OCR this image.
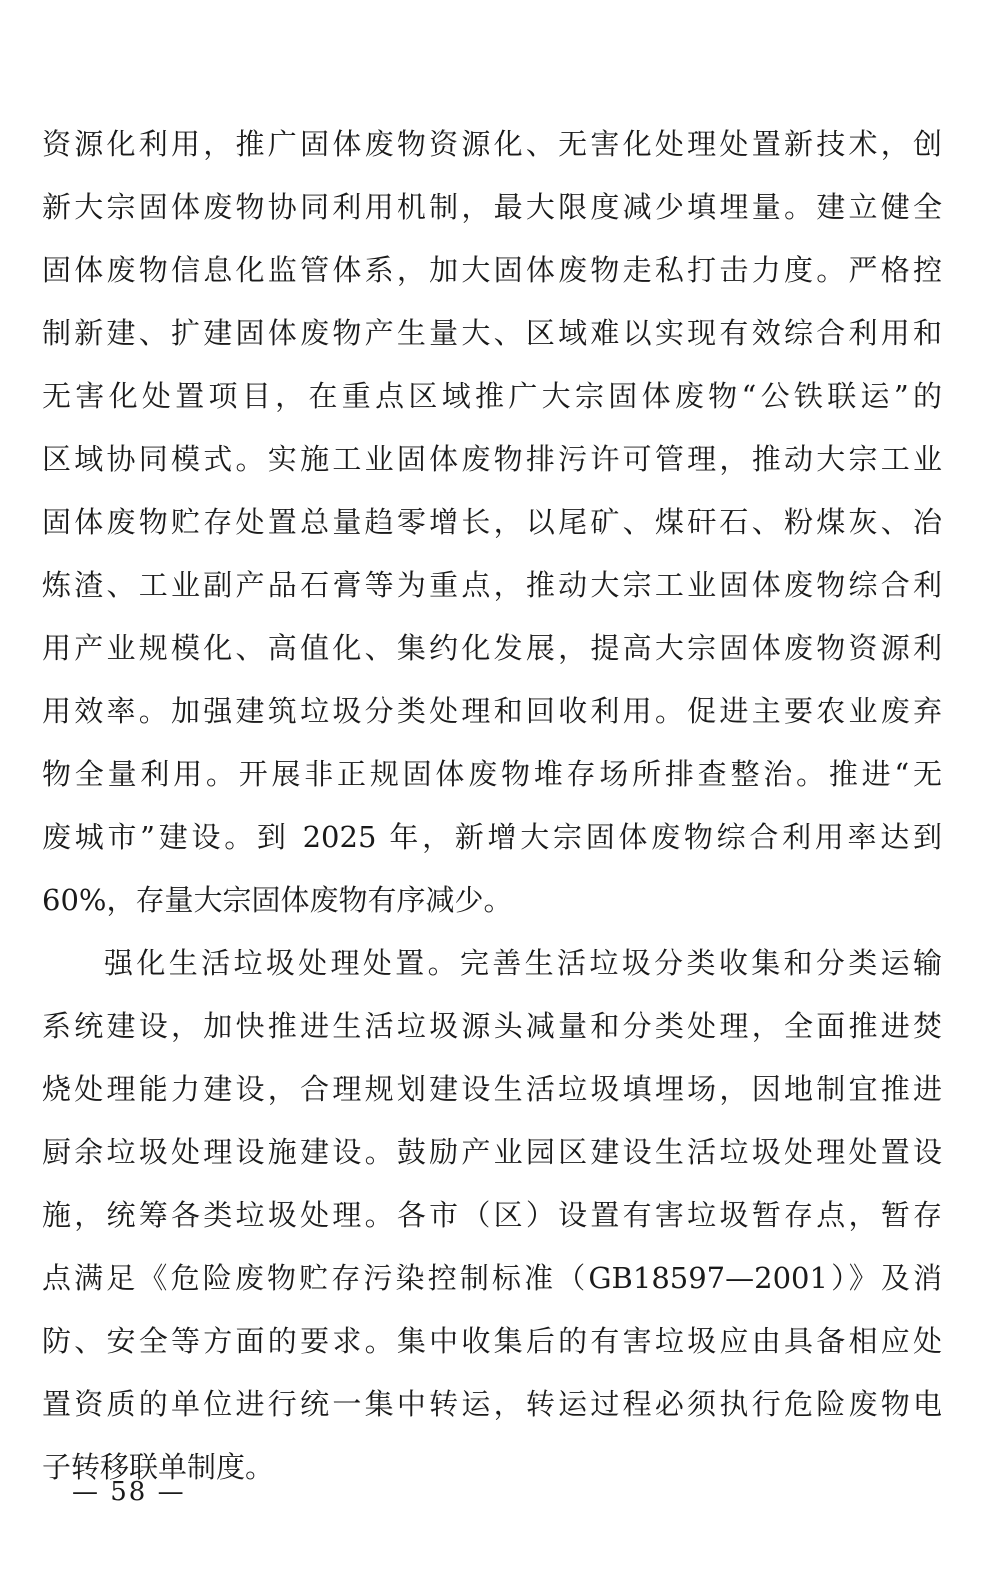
资源化利用，推广固体废物资源化、无害化处理处置新技术，创
新大宗固体废物协同利用机制，最大限度减少填埋量。建立健全
固体废物信息化监管体系，加大固体废物走私打击力度。严格控
制新建、扩建固体废物产生量大、区域难以实现有效综合利用和
无害化处置项目，在重点区域推广大宗固体废物“公铁联运”的
区域协同模式。实施工业固体废物排污许可管理，推动大宗工业
固体废物贮存处置总量趋零增长，以尾矿、煤矸石、粉煤灰、冶
炼渣、工业副产品石膏等为重点，推动大宗工业固体废物综合利
用产业规模化、高值化、集约化发展，提高大宗固体废物资源利
用效率。加强建筑垃圾分类处理和回收利用。促进主要农业废弃
物全量利用。开展非正规固体废物堆存场所排查整治。推进“无
废城市”建设。到 2025 年，新增大宗固体废物综合利用率达到
60%，存量大宗固体废物有序减少。
强化生活垃圾处理处置。完善生活垃圾分类收集和分类运输
系统建设，加快推进生活垃圾源头减量和分类处理，全面推进焚
烧处理能力建设，合理规划建设生活垃圾填埋场，因地制宜推进
厨余垃圾处理设施建设。鼓励产业园区建设生活垃圾处理处置设
施，统筹各类垃圾处理。各市（区）设置有害垃圾暂存点，暂存
点满足《危险废物贮存污染控制标准（GB18597—2001）》及消
防、安全等方面的要求。集中收集后的有害垃圾应由具备相应处
置资质的单位进行统一集中转运，转运过程必须执行危险废物电
子转移联单制度。
— 58 —
